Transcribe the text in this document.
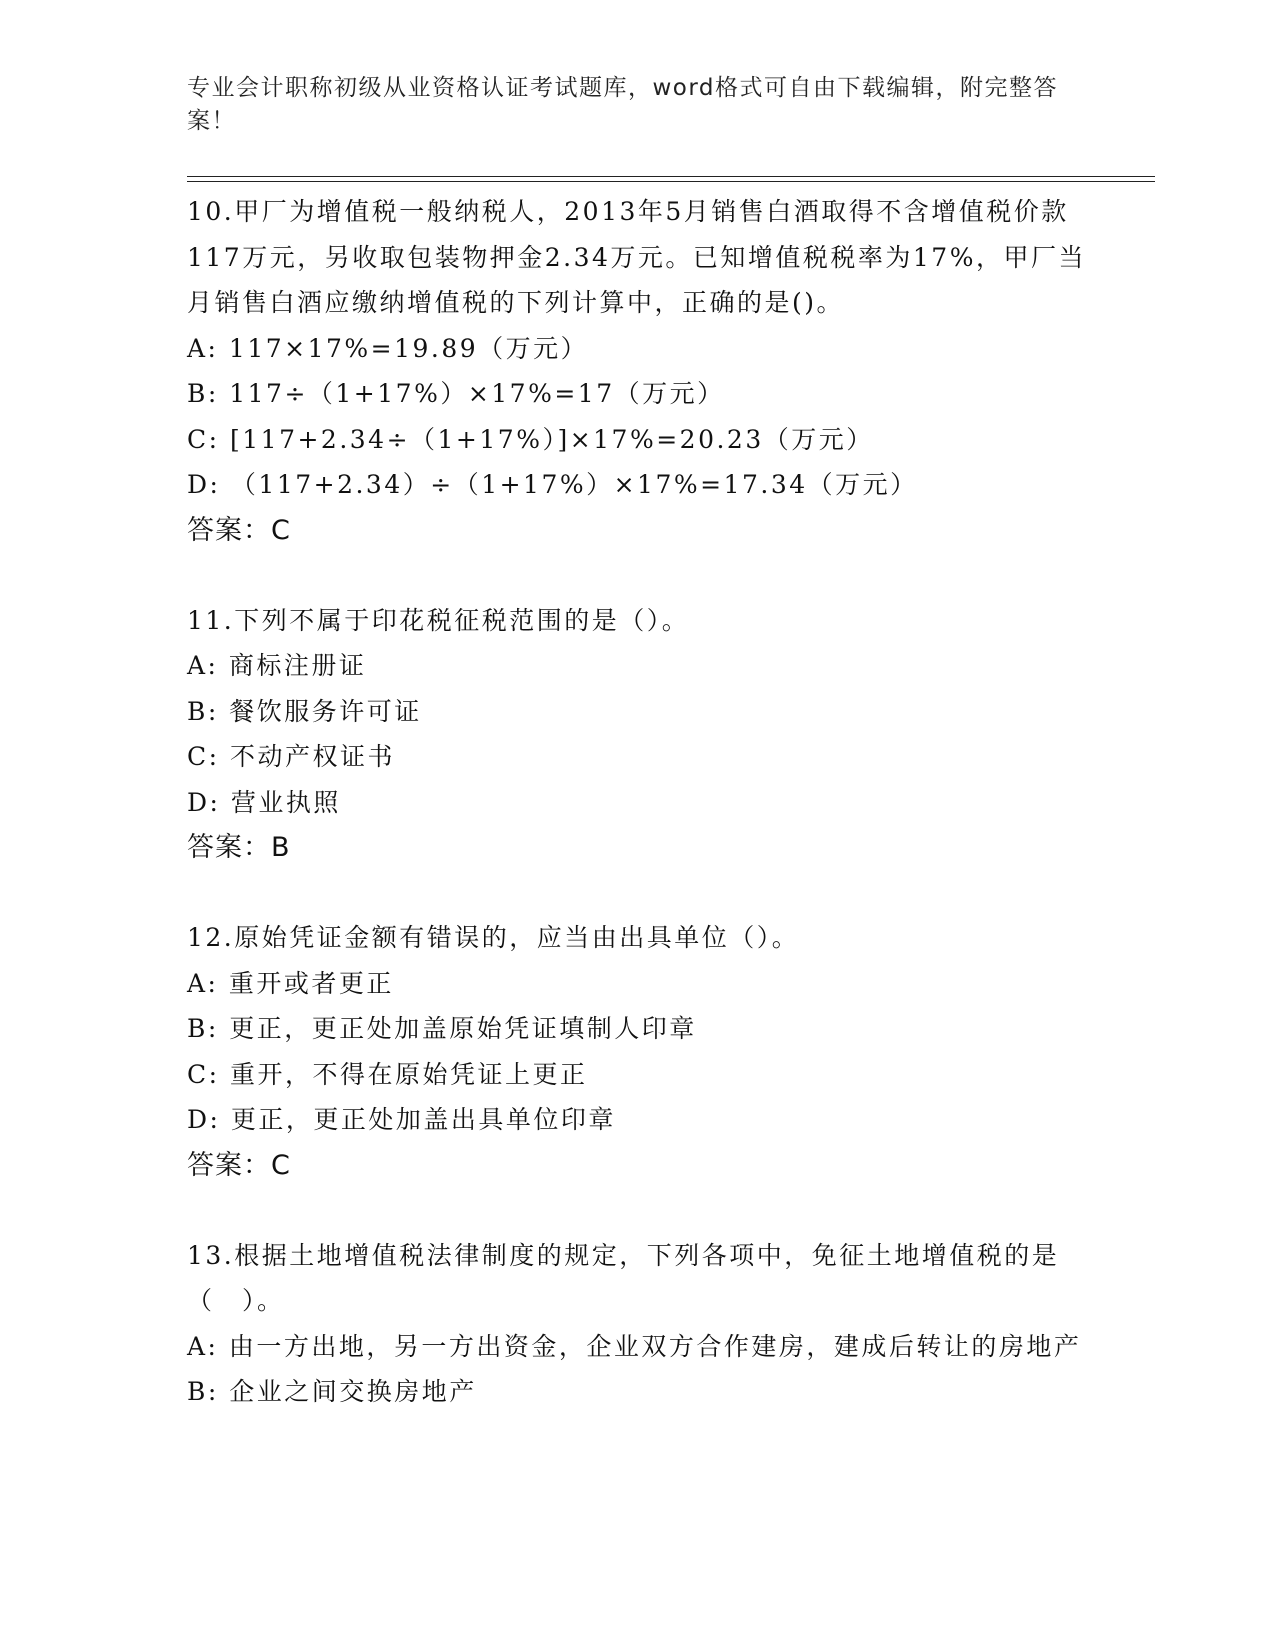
专业会计职称初级从业资格认证考试题库，word格式可自由下载编辑，附完整答案！

10.甲厂为增值税一般纳税人，2013年5月销售白酒取得不含增值税价款117万元，另收取包装物押金2.34万元。已知增值税税率为17%，甲厂当月销售白酒应缴纳增值税的下列计算中，正确的是()。

A: 117×17%=19.89（万元）

B: 117÷（1+17%）×17%=17（万元）

C: [117+2.34÷（1+17%）]×17%=20.23（万元）

D: （117+2.34）÷（1+17%）×17%=17.34（万元）

答案：C

11.下列不属于印花税征税范围的是（）。

A: 商标注册证

B: 餐饮服务许可证

C: 不动产权证书

D: 营业执照

答案：B

12.原始凭证金额有错误的，应当由出具单位（）。

A: 重开或者更正

B: 更正，更正处加盖原始凭证填制人印章

C: 重开，不得在原始凭证上更正

D: 更正，更正处加盖出具单位印章

答案：C

13.根据土地增值税法律制度的规定，下列各项中，免征土地增值税的是（　）。

A: 由一方出地，另一方出资金，企业双方合作建房，建成后转让的房地产

B: 企业之间交换房地产
